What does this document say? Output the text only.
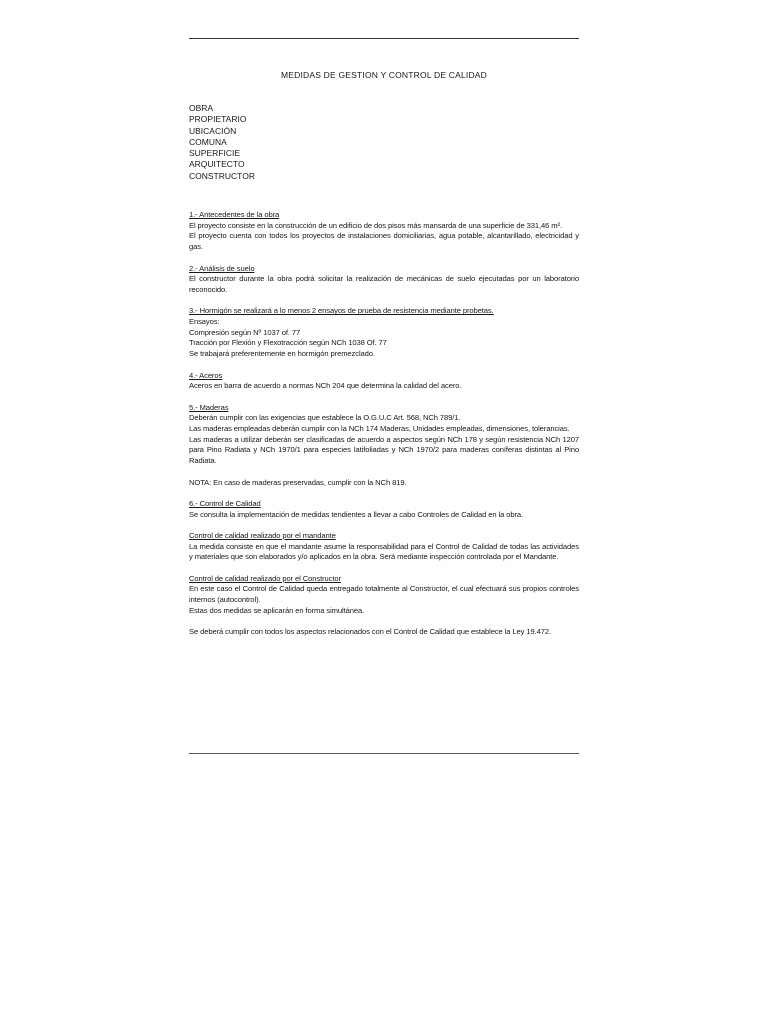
MEDIDAS DE GESTION Y CONTROL DE CALIDAD
OBRA
PROPIETARIO
UBICACIÓN
COMUNA
SUPERFICIE
ARQUITECTO
CONSTRUCTOR

1.- Antecedentes de la obra

El proyecto consiste en la construcción de un edificio de dos pisos más mansarda de una superficie de 331,46 m².

El proyecto cuenta con todos los proyectos de instalaciones domiciliarias, agua potable, alcantarillado, electricidad y gas.

2.- Análisis de suelo

El constructor durante la obra podrá solicitar la realización de mecánicas de suelo ejecutadas por un laboratorio reconocido.

3.- Hormigón se realizará a lo menos 2 ensayos de prueba de resistencia mediante probetas.

Ensayos:

Compresión según Nº 1037 of. 77

Tracción por Flexión y Flexotracción según NCh 1038 Of. 77

Se trabajará preferentemente en hormigón premezclado.

4.- Aceros

Aceros en barra de acuerdo a normas NCh 204 que determina la calidad del acero.

5.- Maderas

Deberán cumplir con las exigencias que establece la O.G.U.C Art. 568, NCh 789/1.

Las maderas empleadas deberán cumplir con la NCh 174 Maderas, Unidades empleadas, dimensiones, tolerancias.

Las maderas a utilizar deberán ser clasificadas de acuerdo a aspectos según NCh 178 y según resistencia NCh 1207 para Pino Radiata y NCh 1970/1 para especies latifoliadas y NCh 1970/2 para maderas coníferas distintas al Pino Radiata.

NOTA: En caso de maderas preservadas, cumplir con la NCh 819.

6.- Control de Calidad

Se consulta la implementación de medidas tendientes a llevar a cabo Controles de Calidad en la obra.

Control de calidad realizado por el mandante

La medida consiste en que el mandante asume la responsabilidad para el Control de Calidad de todas las actividades y materiales que son elaborados y/o aplicados en la obra. Será mediante inspección controlada por el Mandante.

Control de calidad realizado por el Constructor

En este caso el Control de Calidad queda entregado totalmente al Constructor, el cual efectuará sus propios controles internos (autocontrol).

Estas dos medidas se aplicarán en forma simultánea.

Se deberá cumplir con todos los aspectos relacionados con el Control de Calidad que establece la Ley 19.472.
